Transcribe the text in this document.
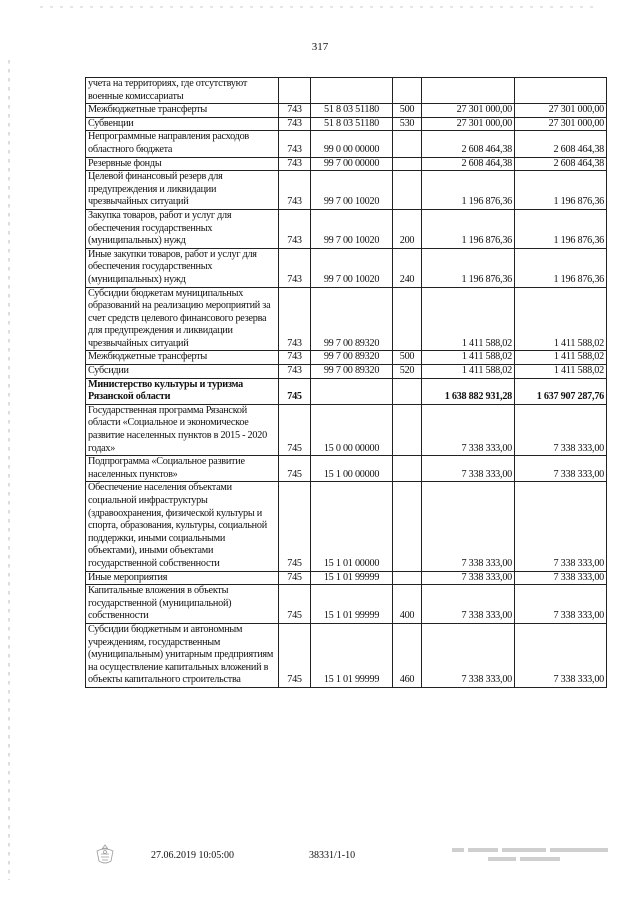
317
учета на территориях, где отсутствуют военные комиссариаты					
Межбюджетные трансферты	743	51 8 03 51180	500	27 301 000,00	27 301 000,00
Субвенции	743	51 8 03 51180	530	27 301 000,00	27 301 000,00
Непрограммные направления расходов областного бюджета	743	99 0 00 00000		2 608 464,38	2 608 464,38
Резервные фонды	743	99 7 00 00000		2 608 464,38	2 608 464,38
Целевой финансовый резерв для предупреждения и ликвидации чрезвычайных ситуаций	743	99 7 00 10020		1 196 876,36	1 196 876,36
Закупка товаров, работ и услуг для обеспечения государственных (муниципальных) нужд	743	99 7 00 10020	200	1 196 876,36	1 196 876,36
Иные закупки товаров, работ и услуг для обеспечения государственных (муниципальных) нужд	743	99 7 00 10020	240	1 196 876,36	1 196 876,36
Субсидии бюджетам муниципальных образований на реализацию мероприятий за счет средств целевого финансового резерва для предупреждения и ликвидации чрезвычайных ситуаций	743	99 7 00 89320		1 411 588,02	1 411 588,02
Межбюджетные трансферты	743	99 7 00 89320	500	1 411 588,02	1 411 588,02
Субсидии	743	99 7 00 89320	520	1 411 588,02	1 411 588,02
Министерство культуры и туризма Рязанской области	745			1 638 882 931,28	1 637 907 287,76
Государственная программа Рязанской области «Социальное и экономическое развитие населенных пунктов в 2015 - 2020 годах»	745	15 0 00 00000		7 338 333,00	7 338 333,00
Подпрограмма «Социальное развитие населенных пунктов»	745	15 1 00 00000		7 338 333,00	7 338 333,00
Обеспечение населения объектами социальной инфраструктуры (здравоохранения, физической культуры и спорта, образования, культуры, социальной поддержки, иными социальными объектами), иными объектами государственной собственности	745	15 1 01 00000		7 338 333,00	7 338 333,00
Иные мероприятия	745	15 1 01 99999		7 338 333,00	7 338 333,00
Капитальные вложения в объекты государственной (муниципальной) собственности	745	15 1 01 99999	400	7 338 333,00	7 338 333,00
Субсидии бюджетным и автономным учреждениям, государственным (муниципальным) унитарным предприятиям на осуществление капитальных вложений в объекты капитального строительства	745	15 1 01 99999	460	7 338 333,00	7 338 333,00
27.06.2019 10:05:00	38331/1-10
